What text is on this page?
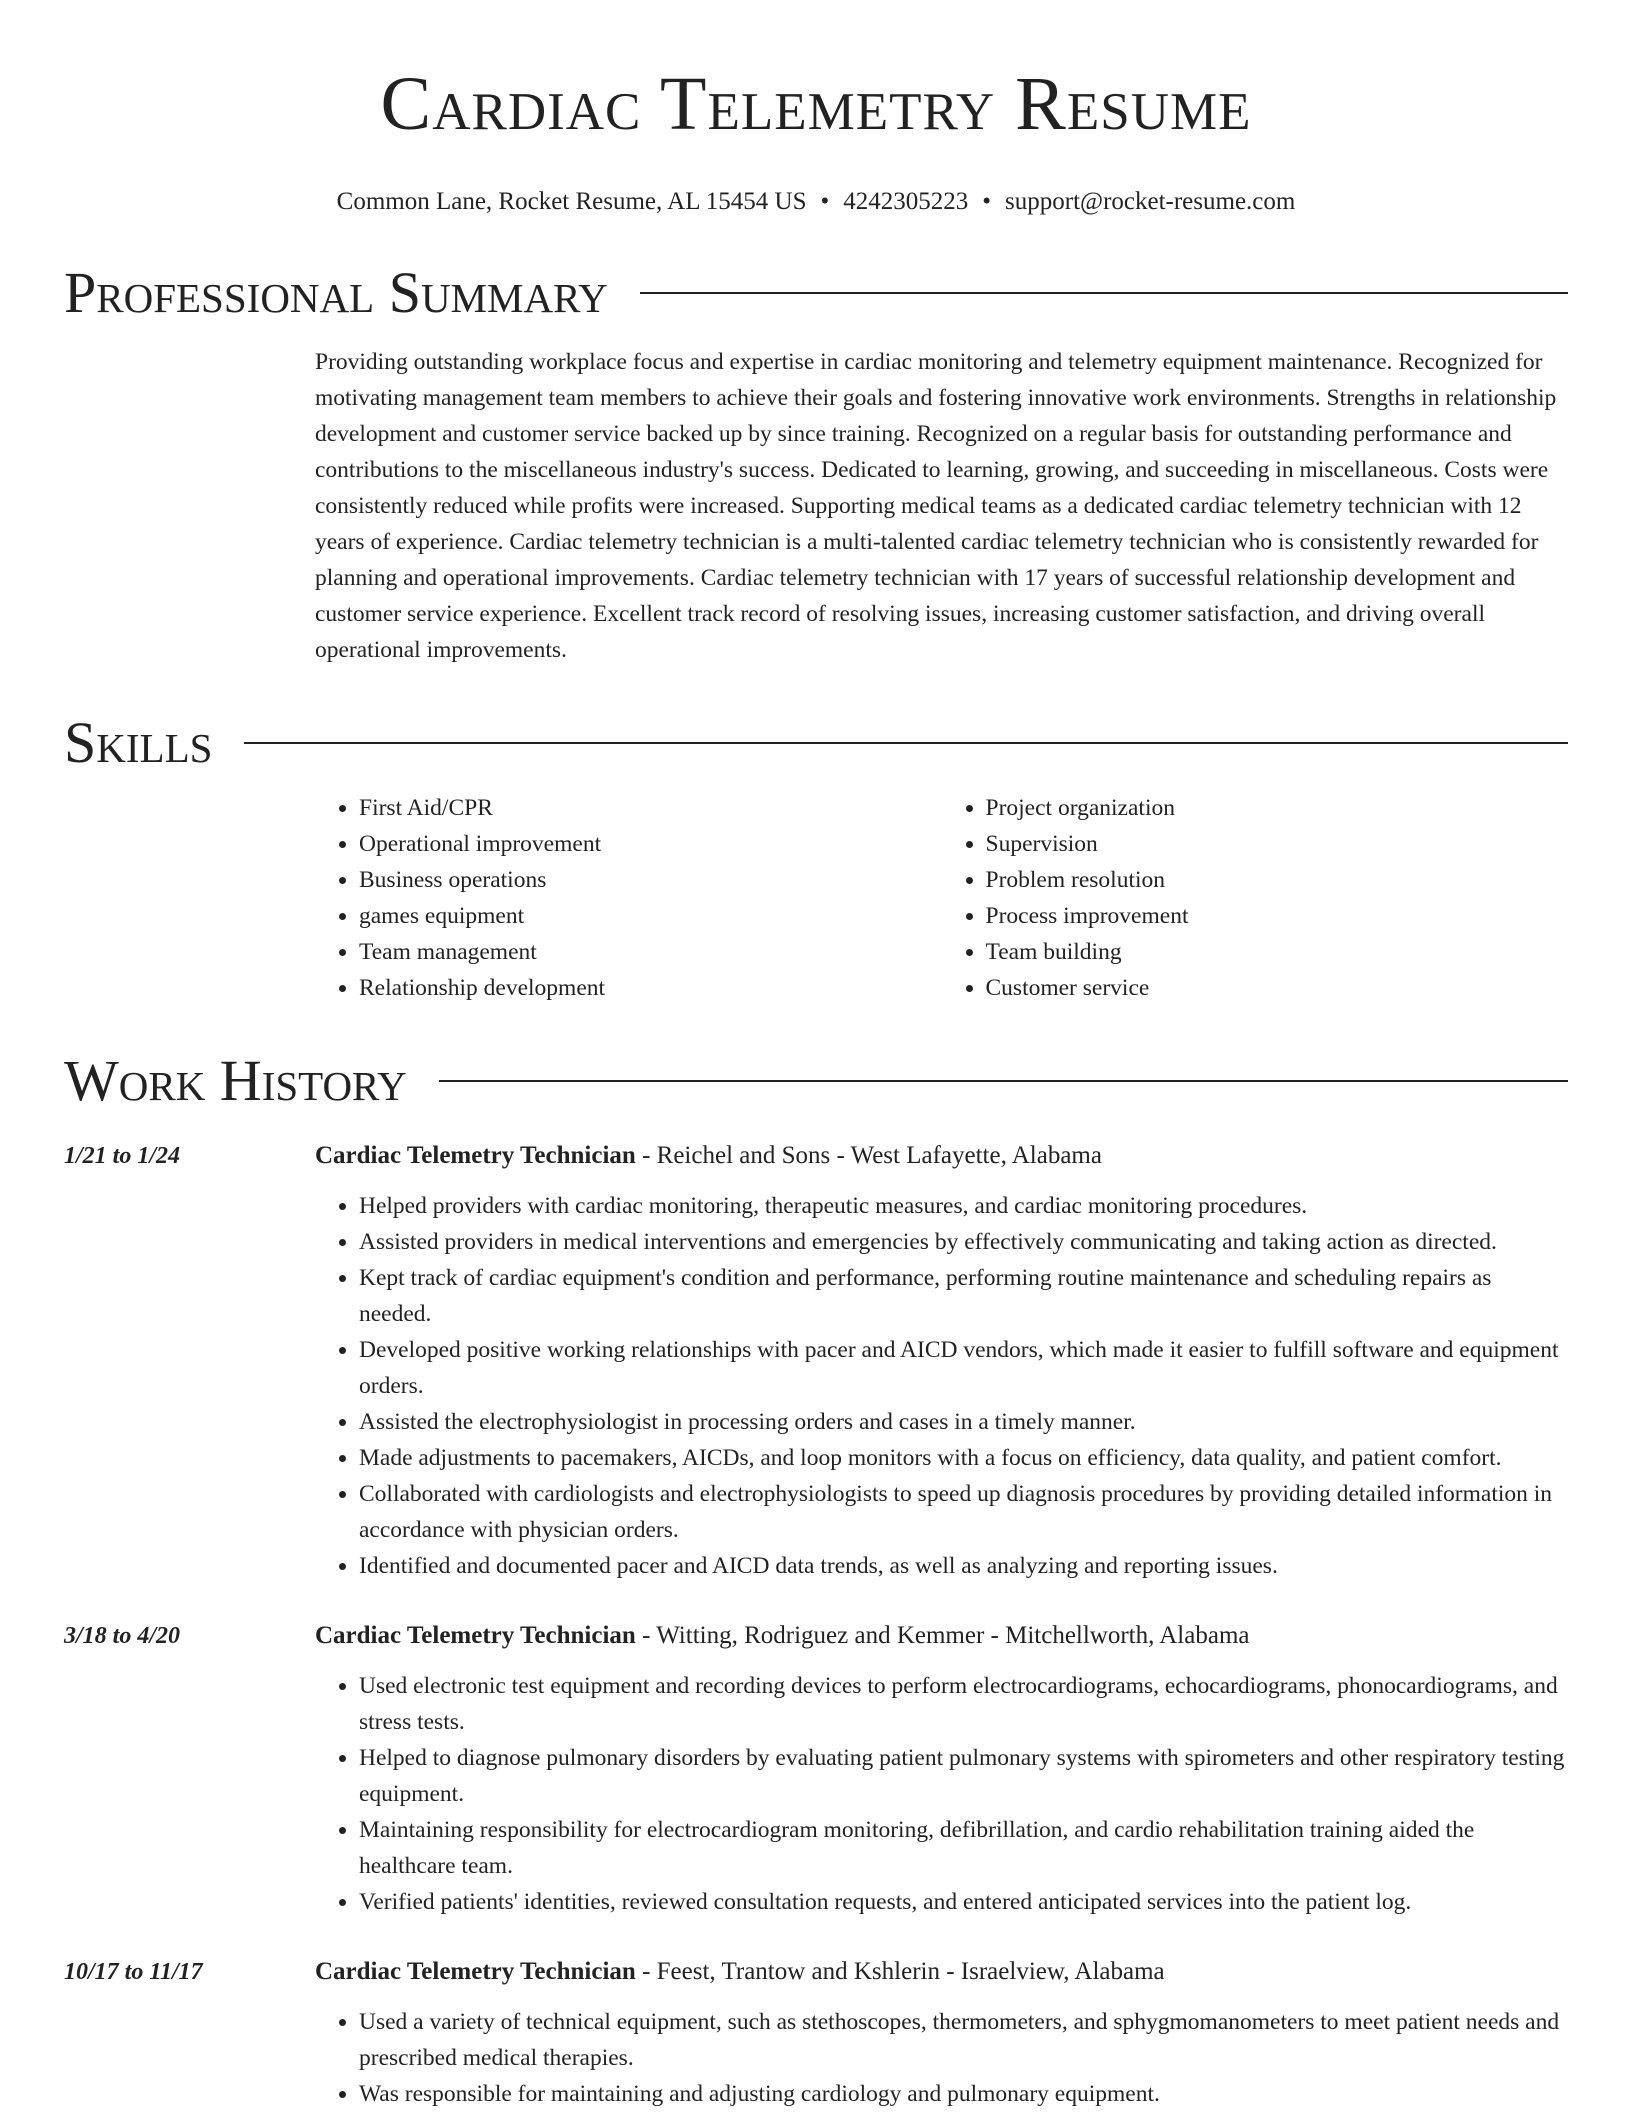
Cardiac Telemetry Resume
Common Lane, Rocket Resume, AL 15454 US • 4242305223 • support@rocket-resume.com
Professional Summary
Providing outstanding workplace focus and expertise in cardiac monitoring and telemetry equipment maintenance. Recognized for motivating management team members to achieve their goals and fostering innovative work environments. Strengths in relationship development and customer service backed up by since training. Recognized on a regular basis for outstanding performance and contributions to the miscellaneous industry's success. Dedicated to learning, growing, and succeeding in miscellaneous. Costs were consistently reduced while profits were increased. Supporting medical teams as a dedicated cardiac telemetry technician with 12 years of experience. Cardiac telemetry technician is a multi-talented cardiac telemetry technician who is consistently rewarded for planning and operational improvements. Cardiac telemetry technician with 17 years of successful relationship development and customer service experience. Excellent track record of resolving issues, increasing customer satisfaction, and driving overall operational improvements.
Skills
• First Aid/CPR
• Operational improvement
• Business operations
• games equipment
• Team management
• Relationship development
• Project organization
• Supervision
• Problem resolution
• Process improvement
• Team building
• Customer service
Work History
1/21 to 1/24	Cardiac Telemetry Technician - Reichel and Sons - West Lafayette, Alabama
• Helped providers with cardiac monitoring, therapeutic measures, and cardiac monitoring procedures.
• Assisted providers in medical interventions and emergencies by effectively communicating and taking action as directed.
• Kept track of cardiac equipment's condition and performance, performing routine maintenance and scheduling repairs as needed.
• Developed positive working relationships with pacer and AICD vendors, which made it easier to fulfill software and equipment orders.
• Assisted the electrophysiologist in processing orders and cases in a timely manner.
• Made adjustments to pacemakers, AICDs, and loop monitors with a focus on efficiency, data quality, and patient comfort.
• Collaborated with cardiologists and electrophysiologists to speed up diagnosis procedures by providing detailed information in accordance with physician orders.
• Identified and documented pacer and AICD data trends, as well as analyzing and reporting issues.
3/18 to 4/20	Cardiac Telemetry Technician - Witting, Rodriguez and Kemmer - Mitchellworth, Alabama
• Used electronic test equipment and recording devices to perform electrocardiograms, echocardiograms, phonocardiograms, and stress tests.
• Helped to diagnose pulmonary disorders by evaluating patient pulmonary systems with spirometers and other respiratory testing equipment.
• Maintaining responsibility for electrocardiogram monitoring, defibrillation, and cardio rehabilitation training aided the healthcare team.
• Verified patients' identities, reviewed consultation requests, and entered anticipated services into the patient log.
10/17 to 11/17	Cardiac Telemetry Technician - Feest, Trantow and Kshlerin - Israelview, Alabama
• Used a variety of technical equipment, such as stethoscopes, thermometers, and sphygmomanometers to meet patient needs and prescribed medical therapies.
• Was responsible for maintaining and adjusting cardiology and pulmonary equipment.
